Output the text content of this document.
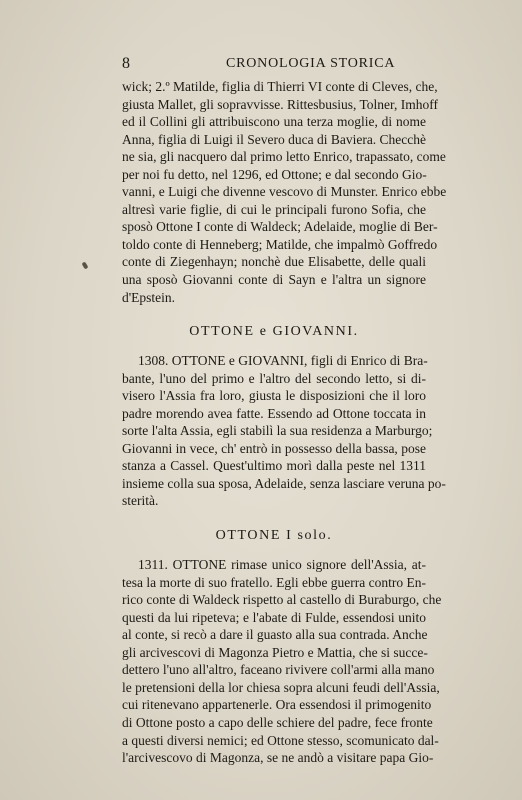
8	CRONOLOGIA STORICA
wick; 2.º Matilde, figlia di Thierri VI conte di Cleves, che,
giusta Mallet, gli sopravvisse. Rittesbusius, Tolner, Imhoff
ed il Collini gli attribuiscono una terza moglie, di nome
Anna, figlia di Luigi il Severo duca di Baviera. Checchè
ne sia, gli nacquero dal primo letto Enrico, trapassato, come
per noi fu detto, nel 1296, ed Ottone; e dal secondo Gio-
vanni, e Luigi che divenne vescovo di Munster. Enrico ebbe
altresì varie figlie, di cui le principali furono Sofia, che
sposò Ottone I conte di Waldeck; Adelaide, moglie di Ber-
toldo conte di Henneberg; Matilde, che impalmò Goffredo
conte di Ziegenhayn; nonchè due Elisabette, delle quali
una sposò Giovanni conte di Sayn e l'altra un signore
d'Epstein.
OTTONE e GIOVANNI.
1308. OTTONE e GIOVANNI, figli di Enrico di Bra-
bante, l'uno del primo e l'altro del secondo letto, si di-
visero l'Assia fra loro, giusta le disposizioni che il loro
padre morendo avea fatte. Essendo ad Ottone toccata in
sorte l'alta Assia, egli stabilì la sua residenza a Marburgo;
Giovanni in vece, ch' entrò in possesso della bassa, pose
stanza a Cassel. Quest'ultimo morì dalla peste nel 1311
insieme colla sua sposa, Adelaide, senza lasciare veruna po-
sterità.
OTTONE I solo.
1311. OTTONE rimase unico signore dell'Assia, at-
tesa la morte di suo fratello. Egli ebbe guerra contro En-
rico conte di Waldeck rispetto al castello di Buraburgo, che
questi da lui ripeteva; e l'abate di Fulde, essendosi unito
al conte, si recò a dare il guasto alla sua contrada. Anche
gli arcivescovi di Magonza Pietro e Mattia, che si succe-
dettero l'uno all'altro, faceano rivivere coll'armi alla mano
le pretensioni della lor chiesa sopra alcuni feudi dell'Assia,
cui ritenevano appartenerle. Ora essendosi il primogenito
di Ottone posto a capo delle schiere del padre, fece fronte
a questi diversi nemici; ed Ottone stesso, scomunicato dal-
l'arcivescovo di Magonza, se ne andò a visitare papa Gio-
